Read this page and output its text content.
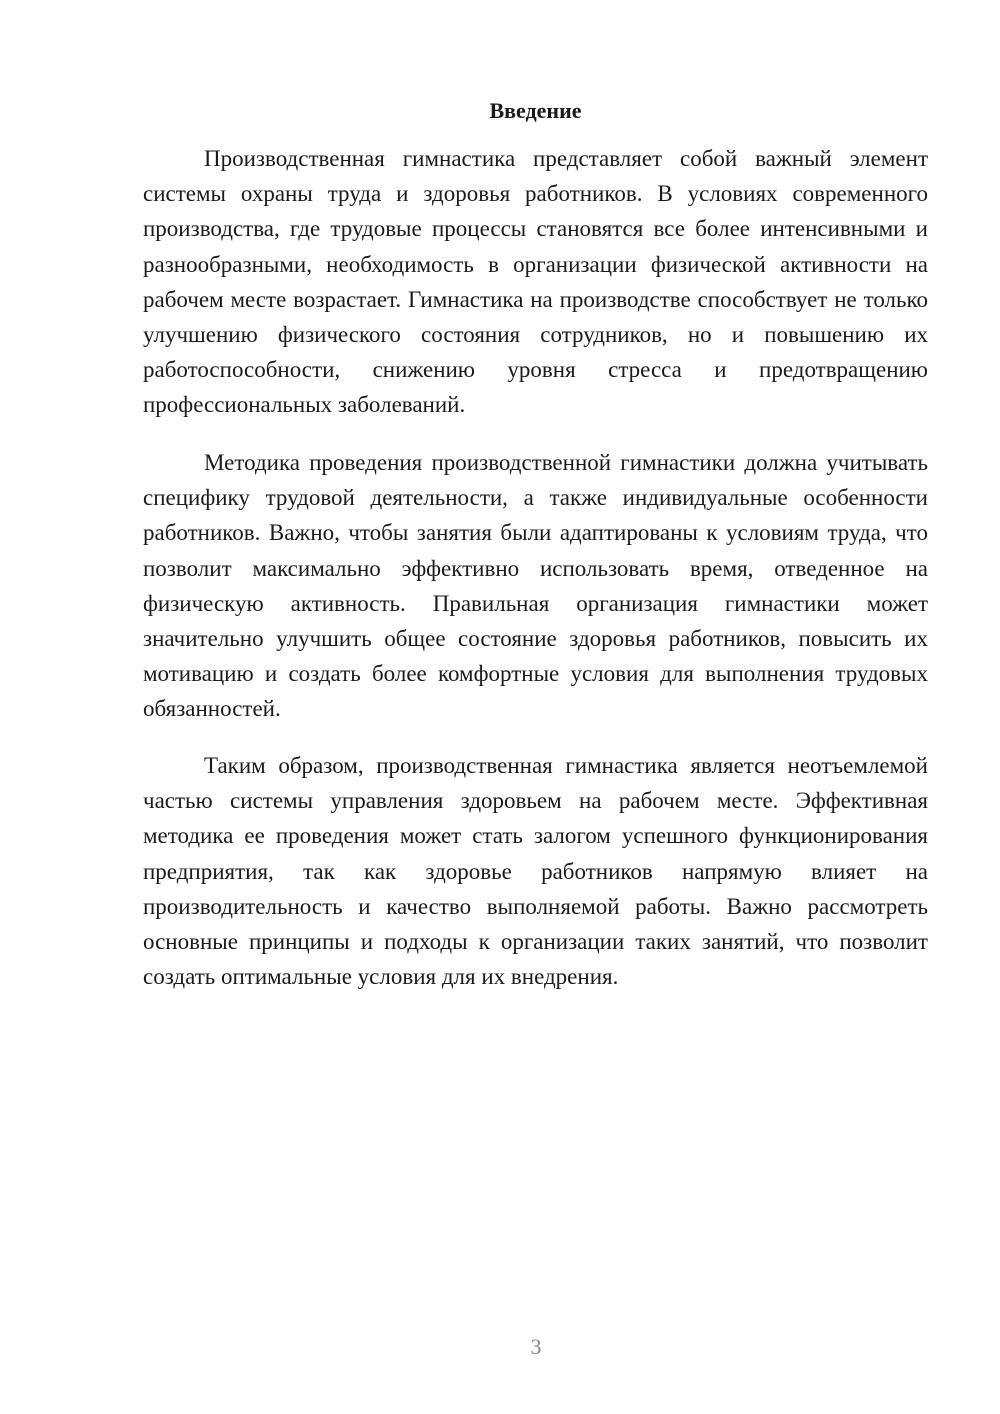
Введение

Производственная гимнастика представляет собой важный элемент системы охраны труда и здоровья работников. В условиях современного производства, где трудовые процессы становятся все более интенсивными и разнообразными, необходимость в организации физической активности на рабочем месте возрастает. Гимнастика на производстве способствует не только улучшению физического состояния сотрудников, но и повышению их работоспособности, снижению уровня стресса и предотвращению профессиональных заболеваний.

Методика проведения производственной гимнастики должна учитывать специфику трудовой деятельности, а также индивидуальные особенности работников. Важно, чтобы занятия были адаптированы к условиям труда, что позволит максимально эффективно использовать время, отведенное на физическую активность. Правильная организация гимнастики может значительно улучшить общее состояние здоровья работников, повысить их мотивацию и создать более комфортные условия для выполнения трудовых обязанностей.

Таким образом, производственная гимнастика является неотъемлемой частью системы управления здоровьем на рабочем месте. Эффективная методика ее проведения может стать залогом успешного функционирования предприятия, так как здоровье работников напрямую влияет на производительность и качество выполняемой работы. Важно рассмотреть основные принципы и подходы к организации таких занятий, что позволит создать оптимальные условия для их внедрения.

3
